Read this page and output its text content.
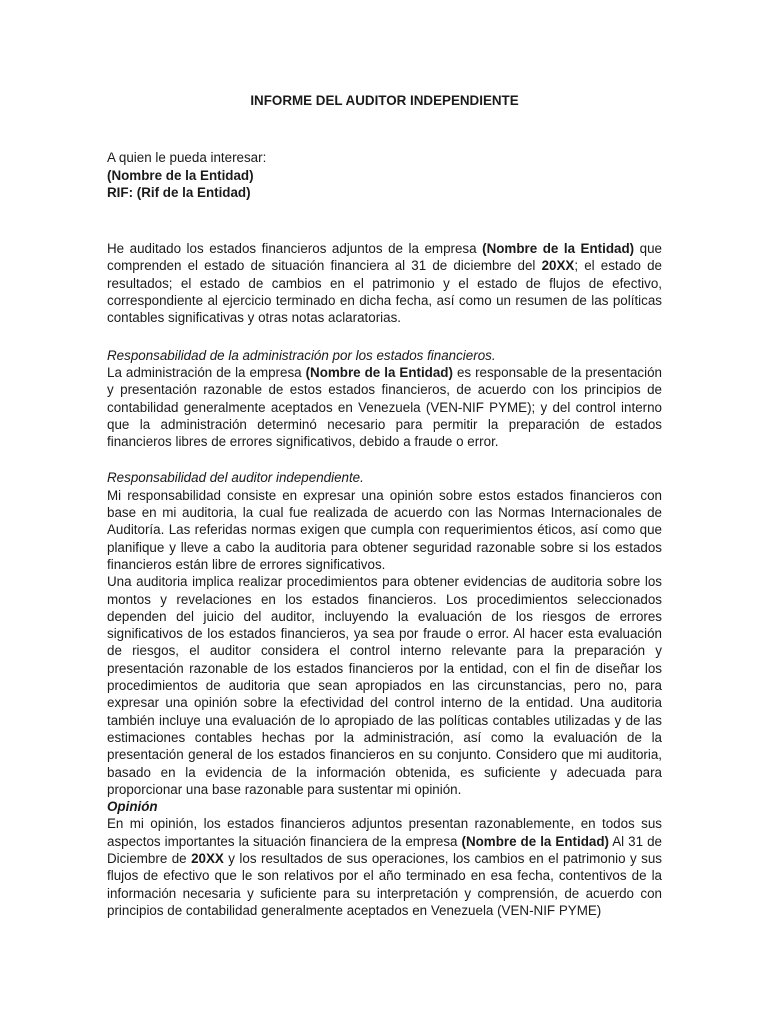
INFORME DEL AUDITOR INDEPENDIENTE
A quien le pueda interesar:
(Nombre de la Entidad)
RIF: (Rif de la Entidad)

He auditado los estados financieros adjuntos de la empresa (Nombre de la Entidad) que comprenden el estado de situación financiera al 31 de diciembre del 20XX; el estado de resultados; el estado de cambios en el patrimonio y el estado de flujos de efectivo, correspondiente al ejercicio terminado en dicha fecha, así como un resumen de las políticas contables significativas y otras notas aclaratorias.

Responsabilidad de la administración por los estados financieros.

La administración de la empresa (Nombre de la Entidad) es responsable de la presentación y presentación razonable de estos estados financieros, de acuerdo con los principios de contabilidad generalmente aceptados en Venezuela (VEN-NIF PYME); y del control interno que la administración determinó necesario para permitir la preparación de estados financieros libres de errores significativos, debido a fraude o error.

Responsabilidad del auditor independiente.

Mi responsabilidad consiste en expresar una opinión sobre estos estados financieros con base en mi auditoria, la cual fue realizada de acuerdo con las Normas Internacionales de Auditoría. Las referidas normas exigen que cumpla con requerimientos éticos, así como que planifique y lleve a cabo la auditoria para obtener seguridad razonable sobre si los estados financieros están libre de errores significativos.

Una auditoria implica realizar procedimientos para obtener evidencias de auditoria sobre los montos y revelaciones en los estados financieros. Los procedimientos seleccionados dependen del juicio del auditor, incluyendo la evaluación de los riesgos de errores significativos de los estados financieros, ya sea por fraude o error. Al hacer esta evaluación de riesgos, el auditor considera el control interno relevante para la preparación y presentación razonable de los estados financieros por la entidad, con el fin de diseñar los procedimientos de auditoria que sean apropiados en las circunstancias, pero no, para expresar una opinión sobre la efectividad del control interno de la entidad. Una auditoria también incluye una evaluación de lo apropiado de las políticas contables utilizadas y de las estimaciones contables hechas por la administración, así como la evaluación de la presentación general de los estados financieros en su conjunto. Considero que mi auditoria, basado en la evidencia de la información obtenida, es suficiente y adecuada para proporcionar una base razonable para sustentar mi opinión.

Opinión

En mi opinión, los estados financieros adjuntos presentan razonablemente, en todos sus aspectos importantes la situación financiera de la empresa (Nombre de la Entidad) Al 31 de Diciembre de 20XX y los resultados de sus operaciones, los cambios en el patrimonio y sus flujos de efectivo que le son relativos por el año terminado en esa fecha, contentivos de la información necesaria y suficiente para su interpretación y comprensión, de acuerdo con principios de contabilidad generalmente aceptados en Venezuela (VEN-NIF PYME)
